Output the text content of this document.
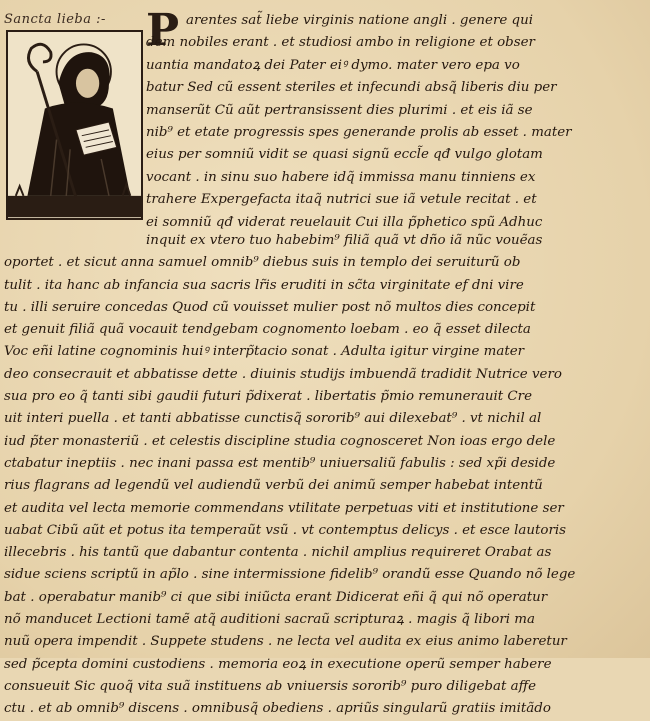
Sancta lieba :- P arentes sat̃ liebe virginis natione angli . genere qui
dem nobiles erant . et studiosi ambo in religione et obser
uantia mandatoꝝ dei Pater eiꝰ dymo. mater vero epa vo
batur Sed cũ essent steriles et infecundi absq̃ liberis diu per
manserũt Cũ aũt pertransissent dies plurimi . et eis iã se
nib⁹ et etate progressis spes generande prolis ab esset . mater
eius per somniũ vidit se quasi signũ eccl̃e qđ vulgo glotam
vocant . in sinu suo habere idq̃ immissa manu tinniens ex
trahere Expergefacta itaq̃ nutrici sue iã vetule recitat . et
ei somniũ qđ viderat reuelauit Cui illa p̃phetico spũ Adhuc
inquit ex vtero tuo habebim⁹ filiã quã vt dño iã nũc vouẽas
oportet . et sicut anna samuel omnib⁹ diebus suis in templo dei seruiturũ ob
tulit . ita hanc ab infancia sua sacris lr̃is eruditi in sc̃ta virginitate ef dni vire
tu . illi seruire concedas Quod cũ vouisset mulier post nõ multos dies concepit
et genuit filiã quã vocauit tendgebam cognomento loebam . eo q̃ esset dilecta
Voc eñi latine cognominis huiꝰ interp̃tacio sonat . Adulta igitur virgine mater
deo consecrauit et abbatisse dette . diuinis studijs imbuendã tradidit Nutrice vero
sua pro eo q̃ tanti sibi gaudii futuri p̃dixerat . libertatis p̃mio remunerauit Cre
uit interi puella . et tanti abbatisse cunctisq̃ sororib⁹ aui dilexebat⁹ . vt nichil al
iud p̃ter monasteriũ . et celestis discipline studia cognosceret Non ioas ergo dele
ctabatur ineptiis . nec inani passa est mentib⁹ uniuersaliũ fabulis : sed xp̃i deside
rius flagrans ad legendũ vel audiendũ verbũ dei animũ semper habebat intentũ
et audita vel lecta memorie commendans vtilitate perpetuas viti et institutione ser
uabat Cibũ aũt et potus ita temperaũt vsũ . vt contemptus delicys . et esce lautoris
illecebris . his tantũ que dabantur contenta . nichil amplius requireret Orabat as
sidue sciens scriptũ in ap̃lo . sine intermissione fidelib⁹ orandũ esse Quando nõ lege
bat . operabatur manib⁹ ci que sibi iniũcta erant Didicerat eñi q̃ qui nõ operatur
nõ manducet Lectioni tamẽ atq̃ auditioni sacraũ scripturaꝝ . magis q̃ libori ma
nuũ opera impendit . Suppete studens . ne lecta vel audita ex eius animo laberetur
sed p̃cepta domini custodiens . memoria eoꝝ in executione operũ semper habere
consueuit Sic quoq̃ vita suã instituens ab vniuersis sororib⁹ puro diligebat affe
ctu . et ab omnib⁹ discens . omnibusq̃ obediens . apriũs singularũ gratiis imitãdo
